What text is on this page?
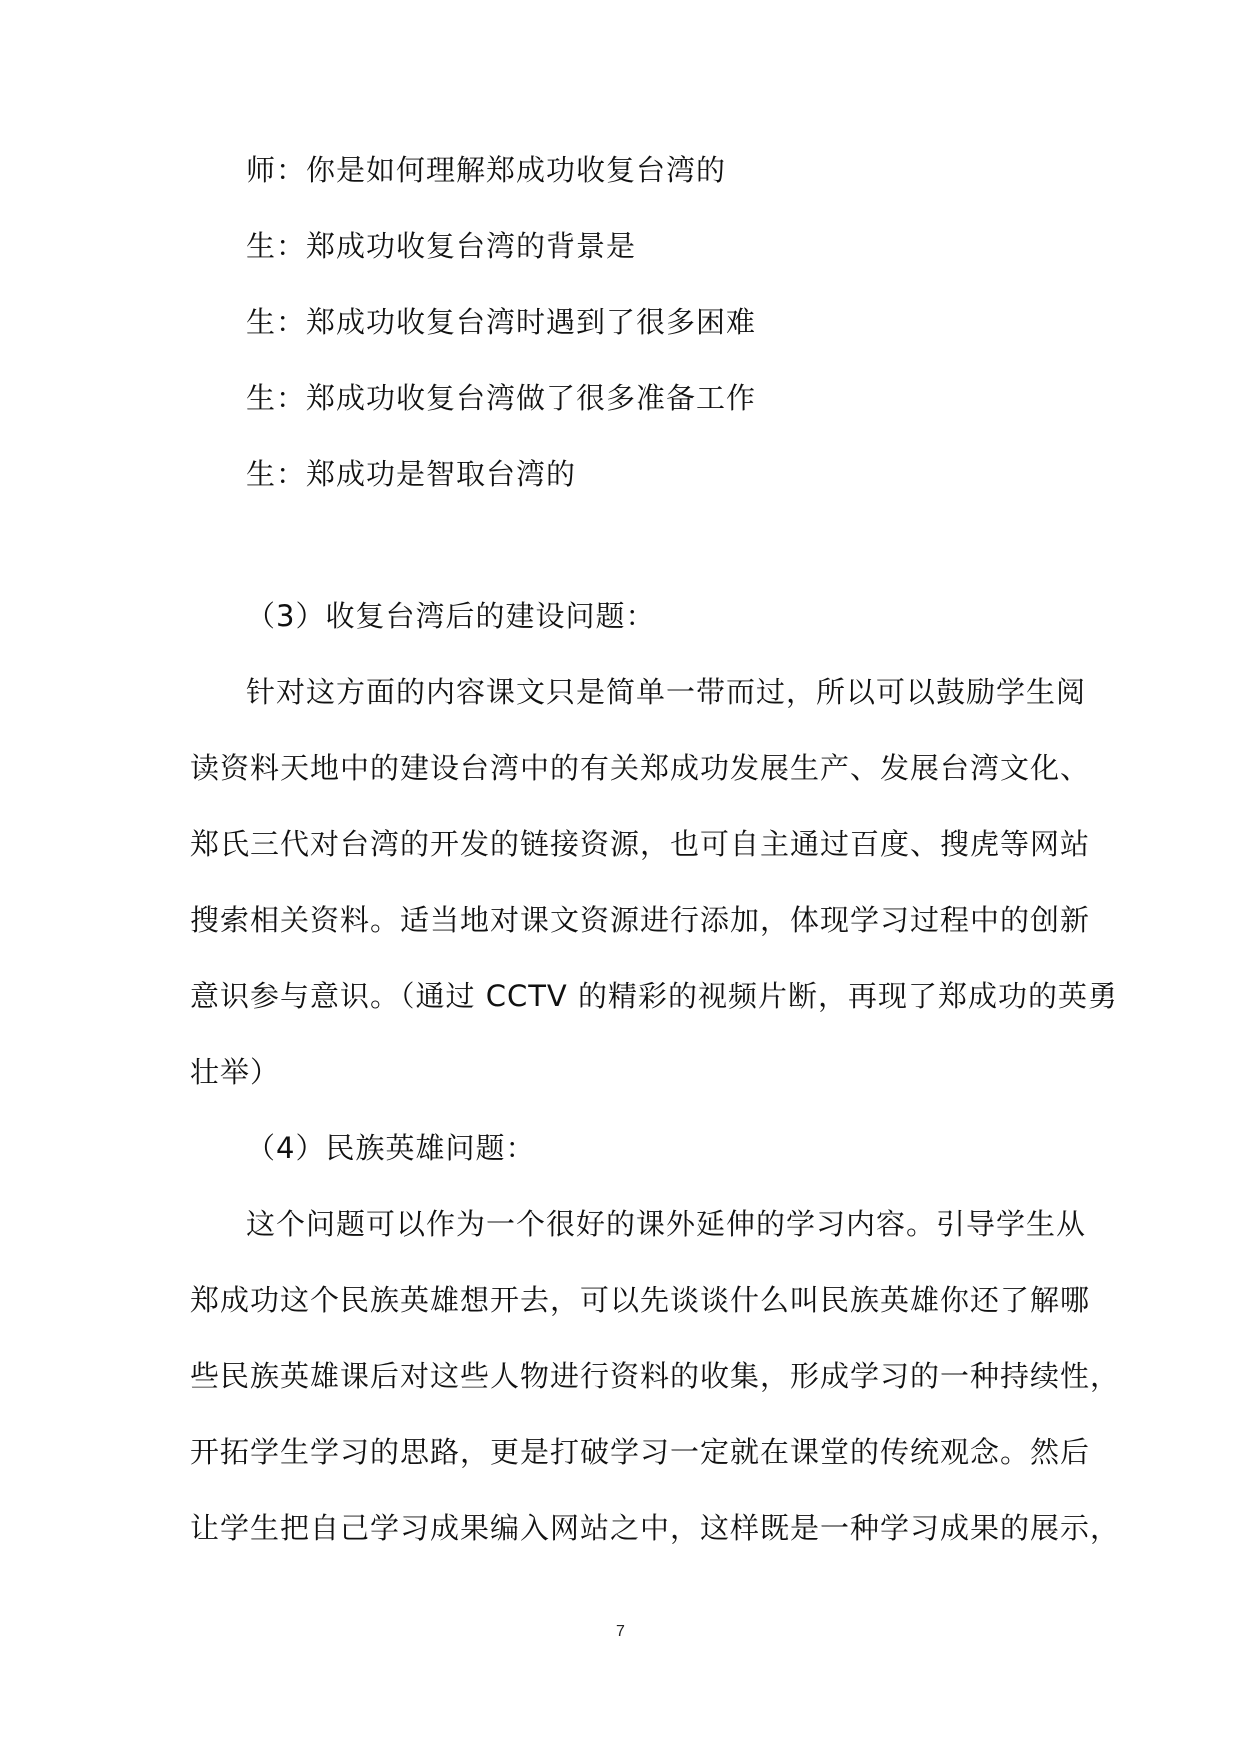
师：你是如何理解郑成功收复台湾的
生：郑成功收复台湾的背景是
生：郑成功收复台湾时遇到了很多困难
生：郑成功收复台湾做了很多准备工作
生：郑成功是智取台湾的
（3）收复台湾后的建设问题：
针对这方面的内容课文只是简单一带而过，所以可以鼓励学生阅
读资料天地中的建设台湾中的有关郑成功发展生产、发展台湾文化、
郑氏三代对台湾的开发的链接资源，也可自主通过百度、搜虎等网站
搜索相关资料。适当地对课文资源进行添加，体现学习过程中的创新
意识参与意识。（通过 CCTV 的精彩的视频片断，再现了郑成功的英勇
壮举）
（4）民族英雄问题：
这个问题可以作为一个很好的课外延伸的学习内容。引导学生从
郑成功这个民族英雄想开去，可以先谈谈什么叫民族英雄你还了解哪
些民族英雄课后对这些人物进行资料的收集，形成学习的一种持续性，
开拓学生学习的思路，更是打破学习一定就在课堂的传统观念。然后
让学生把自己学习成果编入网站之中，这样既是一种学习成果的展示，
7
